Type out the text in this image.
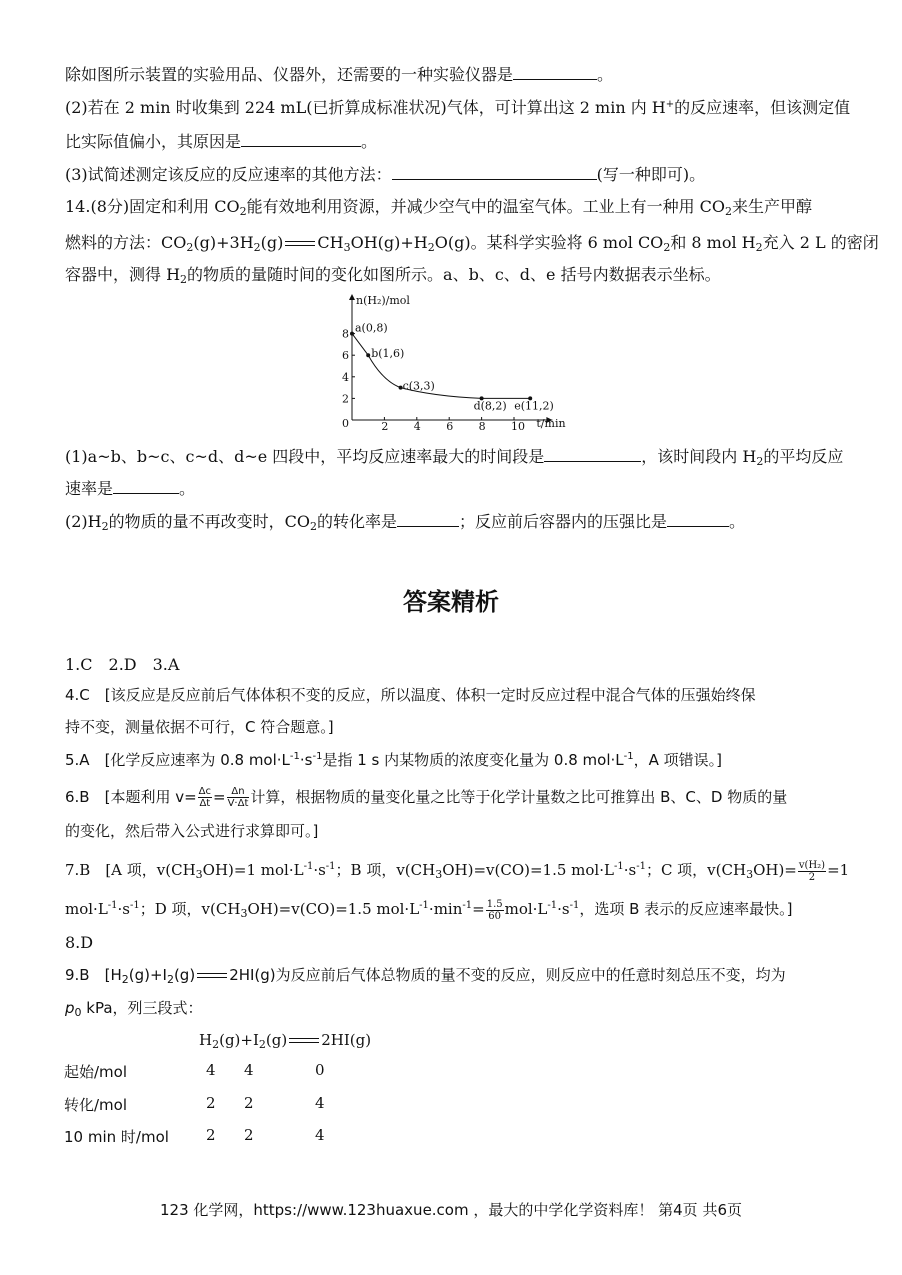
除如图所示装置的实验用品、仪器外，还需要的一种实验仪器是	。
(2)若在 2 min 时收集到 224 mL(已折算成标准状况)气体，可计算出这 2 min 内 H+的反应速率，但该测定值
比实际值偏小，其原因是	。
(3)试简述测定该反应的反应速率的其他方法：	(写一种即可)。
14.(8分)固定和利用 $CO_2$能有效地利用资源，并减少空气中的温室气体。工业上有一种用 $CO_2$来生产甲醇
燃料的方法：$CO_2(g)+3H_2(g)$ $CH_3OH(g)+H_2O(g)$。某科学实验将 6 mol $CO_2$和 8 mol $H_2$充入 2 L 的密闭
容器中，测得 $H_2$的物质的量随时间的变化如图所示。a、b、c、d、e 括号内数据表示坐标。
n(H₂)/mol
t/min
2
4
6
8
0	2 4 6 8 10
a(0,8)
b(1,6)
c(3,3)
d(8,2) e(11,2)
(1)a~b、b~c、c~d、d~e 四段中，平均反应速率最大的时间段是	，该时间段内 $H_2$的平均反应
速率是	。
$(2)H_2$的物质的量不再改变时，$CO_2$的转化率是	；反应前后容器内的压强比是	。
答案精析
1.C　2.D　3.A
4.C　[该反应是反应前后气体体积不变的反应，所以温度、体积一定时反应过程中混合气体的压强始终保
持不变，测量依据不可行，C 符合题意。]
5.A　[化学反应速率为 0.8 $mol\cdot L^{-1}\cdot s^{-1}$是指 1 s 内某物质的浓度变化量为 0.8 $mol\cdot L^{-1}$，A 项错误。]
6.B　[本题利用 $v= \frac{\Delta c}{\Delta t} = \frac{\Delta n}{V\cdot\Delta t}$ 计算，根据物质的量变化量之比等于化学计量数之比可推算出 B、C、D 物质的量
的变化，然后带入公式进行求算即可。]
7.B　[A 项，$v(CH_3OH)=1$ $mol\cdot L^{-1}\cdot s^{-1}$；B 项，$v(CH_3OH)=v(CO)=1.5$ $mol\cdot L^{-1}\cdot s^{-1}$；C 项，$v(CH_3OH)= \frac{\text{v(H₂)}}{2} =1$
$mol\cdot L^{-1}\cdot s^{-1}$；D 项，$v(CH_3OH)=v(CO)=1.5$ $mol\cdot L^{-1}\cdot\min^{-1}= \frac{1.5}{60} mol\cdot L^{-1}\cdot s^{-1}$，选项 B 表示的反应速率最快。]
8.D
9.B　[$H_2(g)+I_2(g)$ 2HI(g)为反应前后气体总物质的量不变的反应，则反应中的任意时刻总压不变，均为
$p_0$ kPa，列三段式：
$H_2(g)+I_2(g)$ 2HI(g)
起始/mol	4 4	0
转化/mol	2 2	4
10 min 时/mol 2 2	4
123 化学网，https://www.123huaxue.com ，最大的中学化学资料库！ 第4页 共6页
